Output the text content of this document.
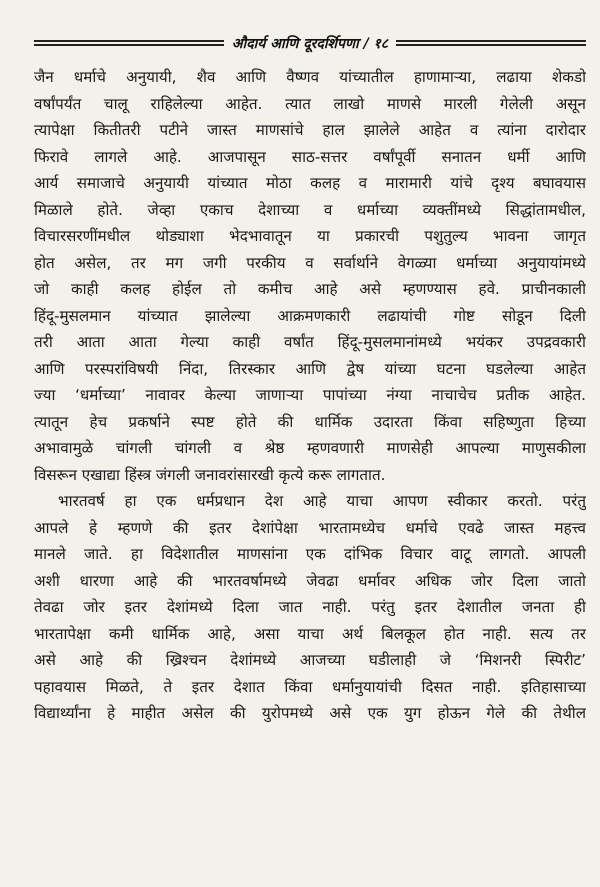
औदार्य आणि दूरदर्शिपणा / १८

जैन धर्माचे अनुयायी, शैव आणि वैष्णव यांच्यातील हाणामाऱ्या, लढाया शेकडो
वर्षांपर्यंत चालू राहिलेल्या आहेत. त्यात लाखो माणसे मारली गेलेली असून
त्यापेक्षा कितीतरी पटीने जास्त माणसांचे हाल झालेले आहेत व त्यांना दारोदार
फिरावे लागले आहे. आजपासून साठ-सत्तर वर्षांपूर्वी सनातन धर्मी आणि
आर्य समाजाचे अनुयायी यांच्यात मोठा कलह व मारामारी यांचे दृश्य बघावयास
मिळाले होते. जेव्हा एकाच देशाच्या व धर्माच्या व्यक्तींमध्ये सिद्धांतामधील,
विचारसरणींमधील थोड्याशा भेदभावातून या प्रकारची पशुतुल्य भावना जागृत
होत असेल, तर मग जगी परकीय व सर्वार्थाने वेगळ्या धर्माच्या अनुयायांमध्ये
जो काही कलह होईल तो कमीच आहे असे म्हणण्यास हवे. प्राचीनकाली
हिंदू-मुसलमान यांच्यात झालेल्या आक्रमणकारी लढायांची गोष्ट सोडून दिली
तरी आता आता गेल्या काही वर्षांत हिंदू-मुसलमानांमध्ये भयंकर उपद्रवकारी
आणि परस्परांविषयी निंदा, तिरस्कार आणि द्वेष यांच्या घटना घडलेल्या आहेत
ज्या ‘धर्माच्या’ नावावर केल्या जाणाऱ्या पापांच्या नंग्या नाचाचेच प्रतीक आहेत.
त्यातून हेच प्रकर्षाने स्पष्ट होते की धार्मिक उदारता किंवा सहिष्णुता हिच्या
अभावामुळे चांगली चांगली व श्रेष्ठ म्हणवणारी माणसेही आपल्या माणुसकीला
विसरून एखाद्या हिंस्त्र जंगली जनावरांसारखी कृत्ये करू लागतात.

भारतवर्ष हा एक धर्मप्रधान देश आहे याचा आपण स्वीकार करतो. परंतु
आपले हे म्हणणे की इतर देशांपेक्षा भारतामध्येच धर्माचे एवढे जास्त महत्त्व
मानले जाते. हा विदेशातील माणसांना एक दांभिक विचार वाटू लागतो. आपली
अशी धारणा आहे की भारतवर्षामध्ये जेवढा धर्मावर अधिक जोर दिला जातो
तेवढा जोर इतर देशांमध्ये दिला जात नाही. परंतु इतर देशातील जनता ही
भारतापेक्षा कमी धार्मिक आहे, असा याचा अर्थ बिलकूल होत नाही. सत्य तर
असे आहे की ख्रिश्चन देशांमध्ये आजच्या घडीलाही जे ‘मिशनरी स्पिरीट’
पहावयास मिळते, ते इतर देशात किंवा धर्मानुयायांची दिसत नाही. इतिहासाच्या
विद्यार्थ्यांना हे माहीत असेल की युरोपमध्ये असे एक युग होऊन गेले की तेथील
